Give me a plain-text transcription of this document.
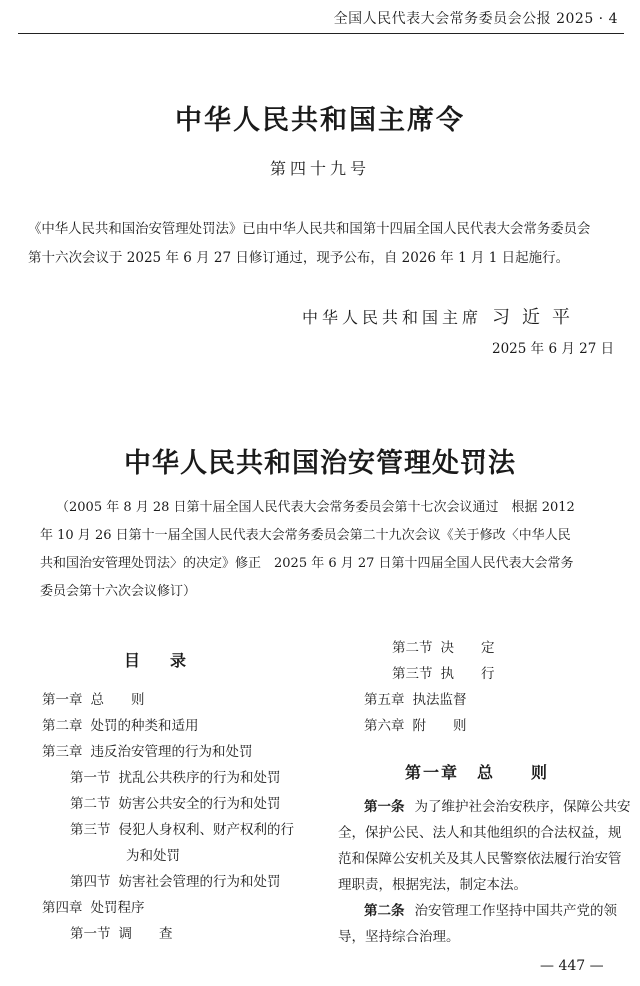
全国人民代表大会常务委员会公报 2025 · 4
中华人民共和国主席令
第四十九号
《中华人民共和国治安管理处罚法》已由中华人民共和国第十四届全国人民代表大会常务委员会
第十六次会议于 2025 年 6 月 27 日修订通过，现予公布，自 2026 年 1 月 1 日起施行。
中华人民共和国主席 习近平
2025 年 6 月 27 日
中华人民共和国治安管理处罚法
（2005 年 8 月 28 日第十届全国人民代表大会常务委员会第十七次会议通过　根据 2012
年 10 月 26 日第十一届全国人民代表大会常务委员会第二十九次会议《关于修改〈中华人民
共和国治安管理处罚法〉的决定》修正　2025 年 6 月 27 日第十四届全国人民代表大会常务
委员会第十六次会议修订）
目录
第一章 总　　则
第二章 处罚的种类和适用
第三章 违反治安管理的行为和处罚
第一节 扰乱公共秩序的行为和处罚
第二节 妨害公共安全的行为和处罚
第三节 侵犯人身权利、财产权利的行
为和处罚
第四节 妨害社会管理的行为和处罚
第四章 处罚程序
第一节 调　　查
第二节 决　　定
第三节 执　　行
第五章 执法监督
第六章 附　　则
第一章　总　　则
第一条 为了维护社会治安秩序，保障公共安全，保护公民、法人和其他组织的合法权益，规范和保障公安机关及其人民警察依法履行治安管理职责，根据宪法，制定本法。
第二条 治安管理工作坚持中国共产党的领导，坚持综合治理。
— 447 —
